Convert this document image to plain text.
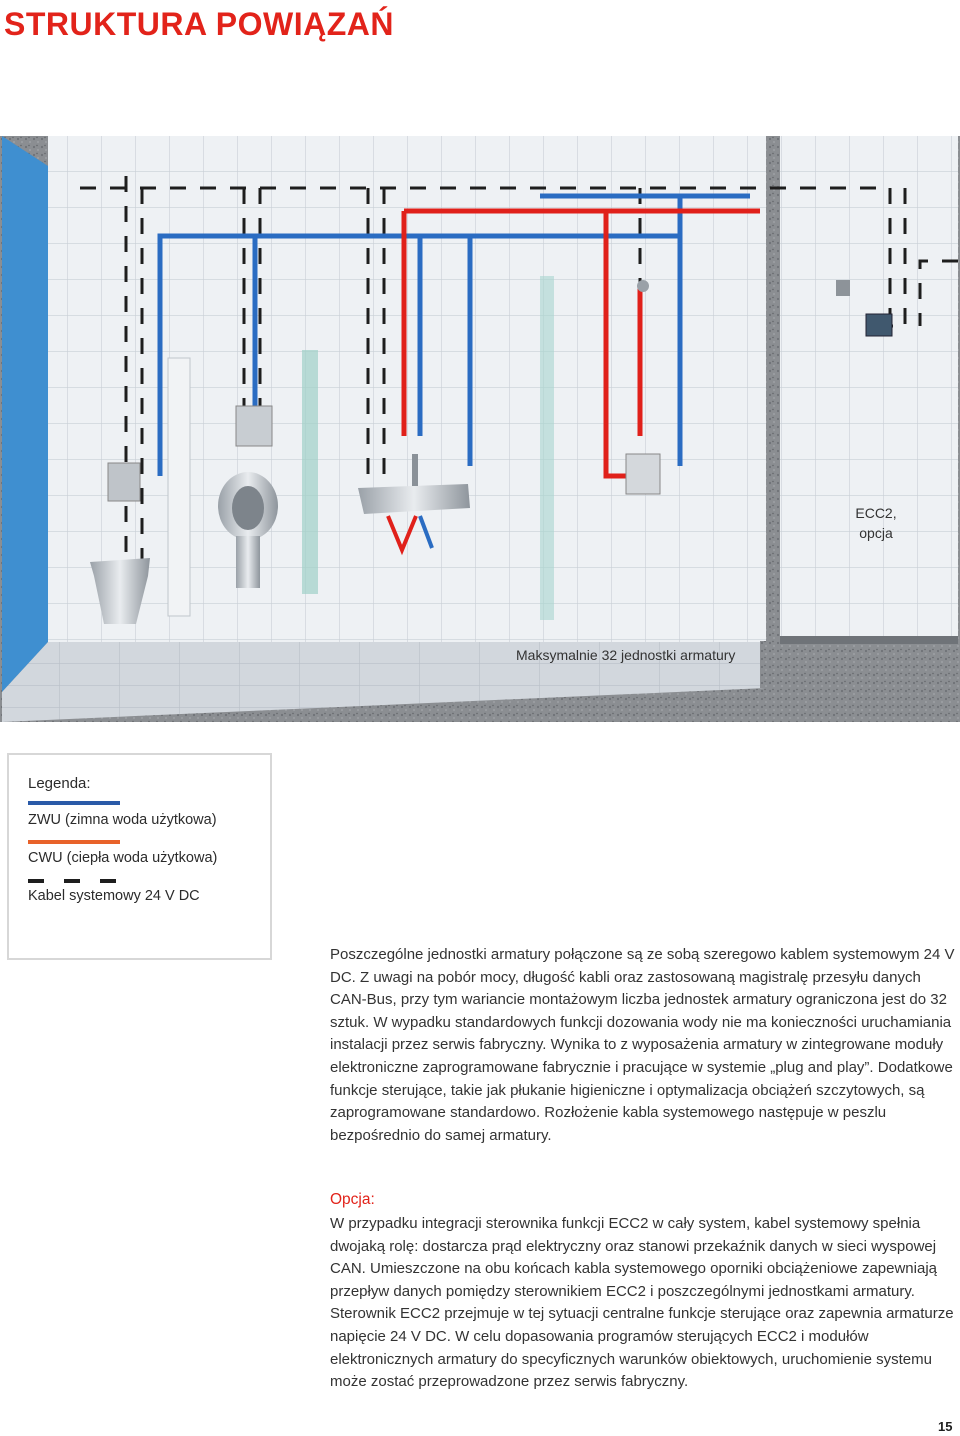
STRUKTURA POWIĄZAŃ
ECC2,
opcja
Maksymalnie 32 jednostki armatury
Legenda:
ZWU (zimna woda użytkowa)
CWU (ciepła woda użytkowa)
Kabel systemowy 24 V DC

Poszczególne jednostki armatury połączone są ze sobą szeregowo kablem systemowym 24 V DC. Z uwagi na pobór mocy, długość kabli oraz zastosowaną magistralę przesyłu danych CAN-Bus, przy tym wariancie montażowym liczba jednostek armatury ograniczona jest do 32 sztuk. W wypadku standardowych funkcji dozowania wody nie ma konieczności uruchamiania instalacji przez serwis fabryczny. Wynika to z wyposażenia armatury w zintegrowane moduły elektroniczne zaprogramowane fabrycznie i pracujące w systemie „plug and play”. Dodatkowe funkcje sterujące, takie jak płukanie higieniczne i optymalizacja obciążeń szczytowych, są zaprogramowane standardowo. Rozłożenie kabla systemowego następuje w peszlu bezpośrednio do samej armatury.

Opcja:

W przypadku integracji sterownika funkcji ECC2 w cały system, kabel systemowy spełnia dwojaką rolę: dostarcza prąd elektryczny oraz stanowi przekaźnik danych w sieci wyspowej CAN. Umieszczone na obu końcach kabla systemowego oporniki obciążeniowe zapewniają przepływ danych pomiędzy sterownikiem ECC2 i poszczególnymi jednostkami armatury. Sterownik ECC2 przejmuje w tej sytuacji centralne funkcje sterujące oraz zapewnia armaturze napięcie 24 V DC. W celu dopasowania programów sterujących ECC2 i modułów elektronicznych armatury do specyficznych warunków obiektowych, uruchomienie systemu może zostać przeprowadzone przez serwis fabryczny.

15
